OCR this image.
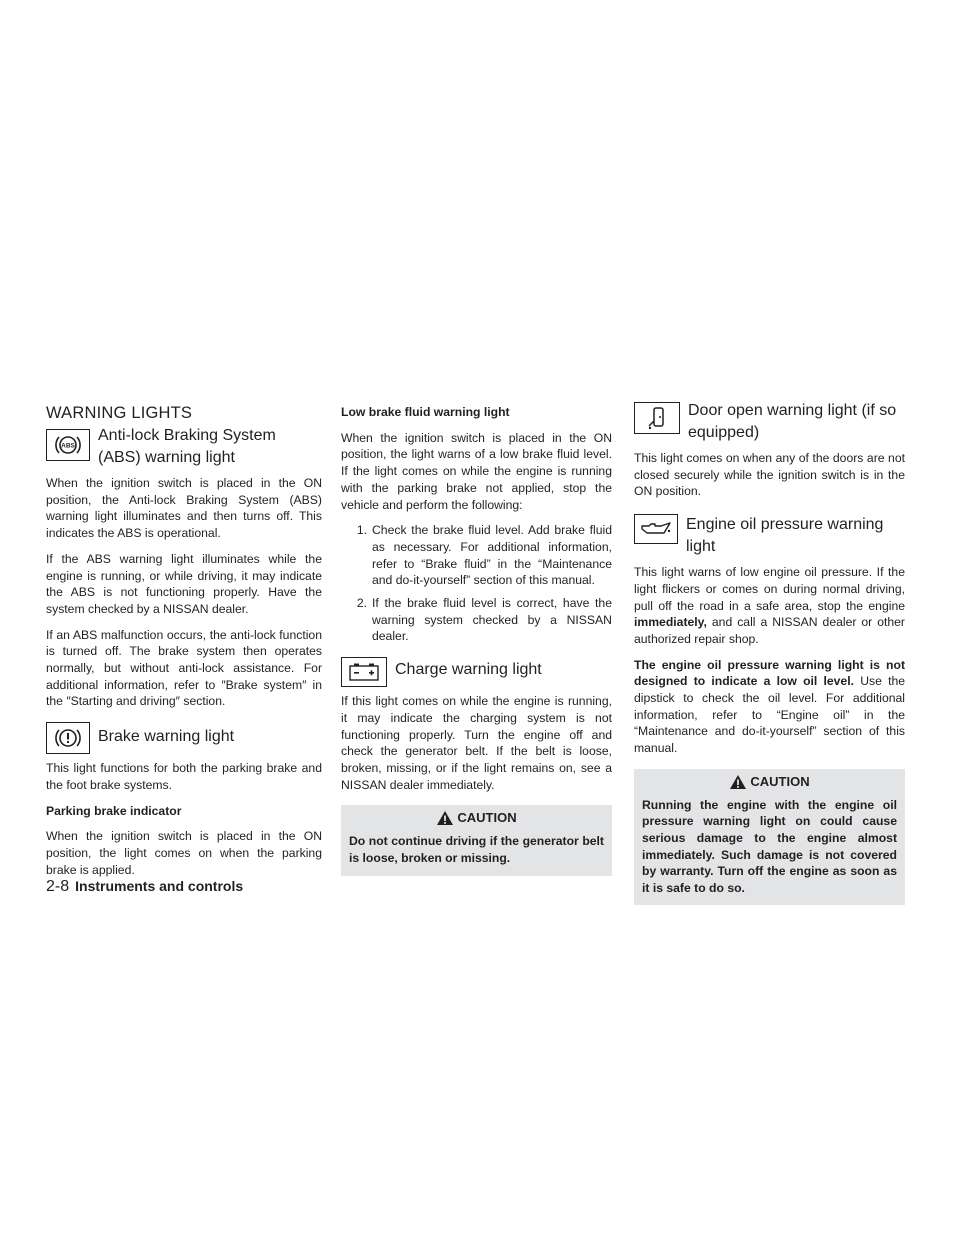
WARNING LIGHTS
ABS
Anti-lock Braking System (ABS) warning light

When the ignition switch is placed in the ON position, the Anti-lock Braking System (ABS) warning light illuminates and then turns off. This indicates the ABS is operational.

If the ABS warning light illuminates while the engine is running, or while driving, it may indicate the ABS is not functioning properly. Have the system checked by a NISSAN dealer.

If an ABS malfunction occurs, the anti-lock function is turned off. The brake system then operates normally, but without anti-lock assistance. For additional information, refer to ″Brake system″ in the ″Starting and driving″ section.

Brake warning light

This light functions for both the parking brake and the foot brake systems.

Parking brake indicator

When the ignition switch is placed in the ON position, the light comes on when the parking brake is applied.

Low brake fluid warning light

When the ignition switch is placed in the ON position, the light warns of a low brake fluid level. If the light comes on while the engine is running with the parking brake not applied, stop the vehicle and perform the following:

1. Check the brake fluid level. Add brake fluid as necessary. For additional information, refer to “Brake fluid” in the “Maintenance and do-it-yourself” section of this manual.
2. If the brake fluid level is correct, have the warning system checked by a NISSAN dealer.
Charge warning light

If this light comes on while the engine is running, it may indicate the charging system is not functioning properly. Turn the engine off and check the generator belt. If the belt is loose, broken, missing, or if the light remains on, see a NISSAN dealer immediately.

CAUTION
Do not continue driving if the generator belt is loose, broken or missing.
Door open warning light (if so equipped)

This light comes on when any of the doors are not closed securely while the ignition switch is in the ON position.

Engine oil pressure warning light

This light warns of low engine oil pressure. If the light flickers or comes on during normal driving, pull off the road in a safe area, stop the engine immediately, and call a NISSAN dealer or other authorized repair shop.

The engine oil pressure warning light is not designed to indicate a low oil level. Use the dipstick to check the oil level. For additional information, refer to “Engine oil” in the “Maintenance and do-it-yourself” section of this manual.

CAUTION
Running the engine with the engine oil pressure warning light on could cause serious damage to the engine almost immediately. Such damage is not covered by warranty. Turn off the engine as soon as it is safe to do so.
2-8 Instruments and controls
